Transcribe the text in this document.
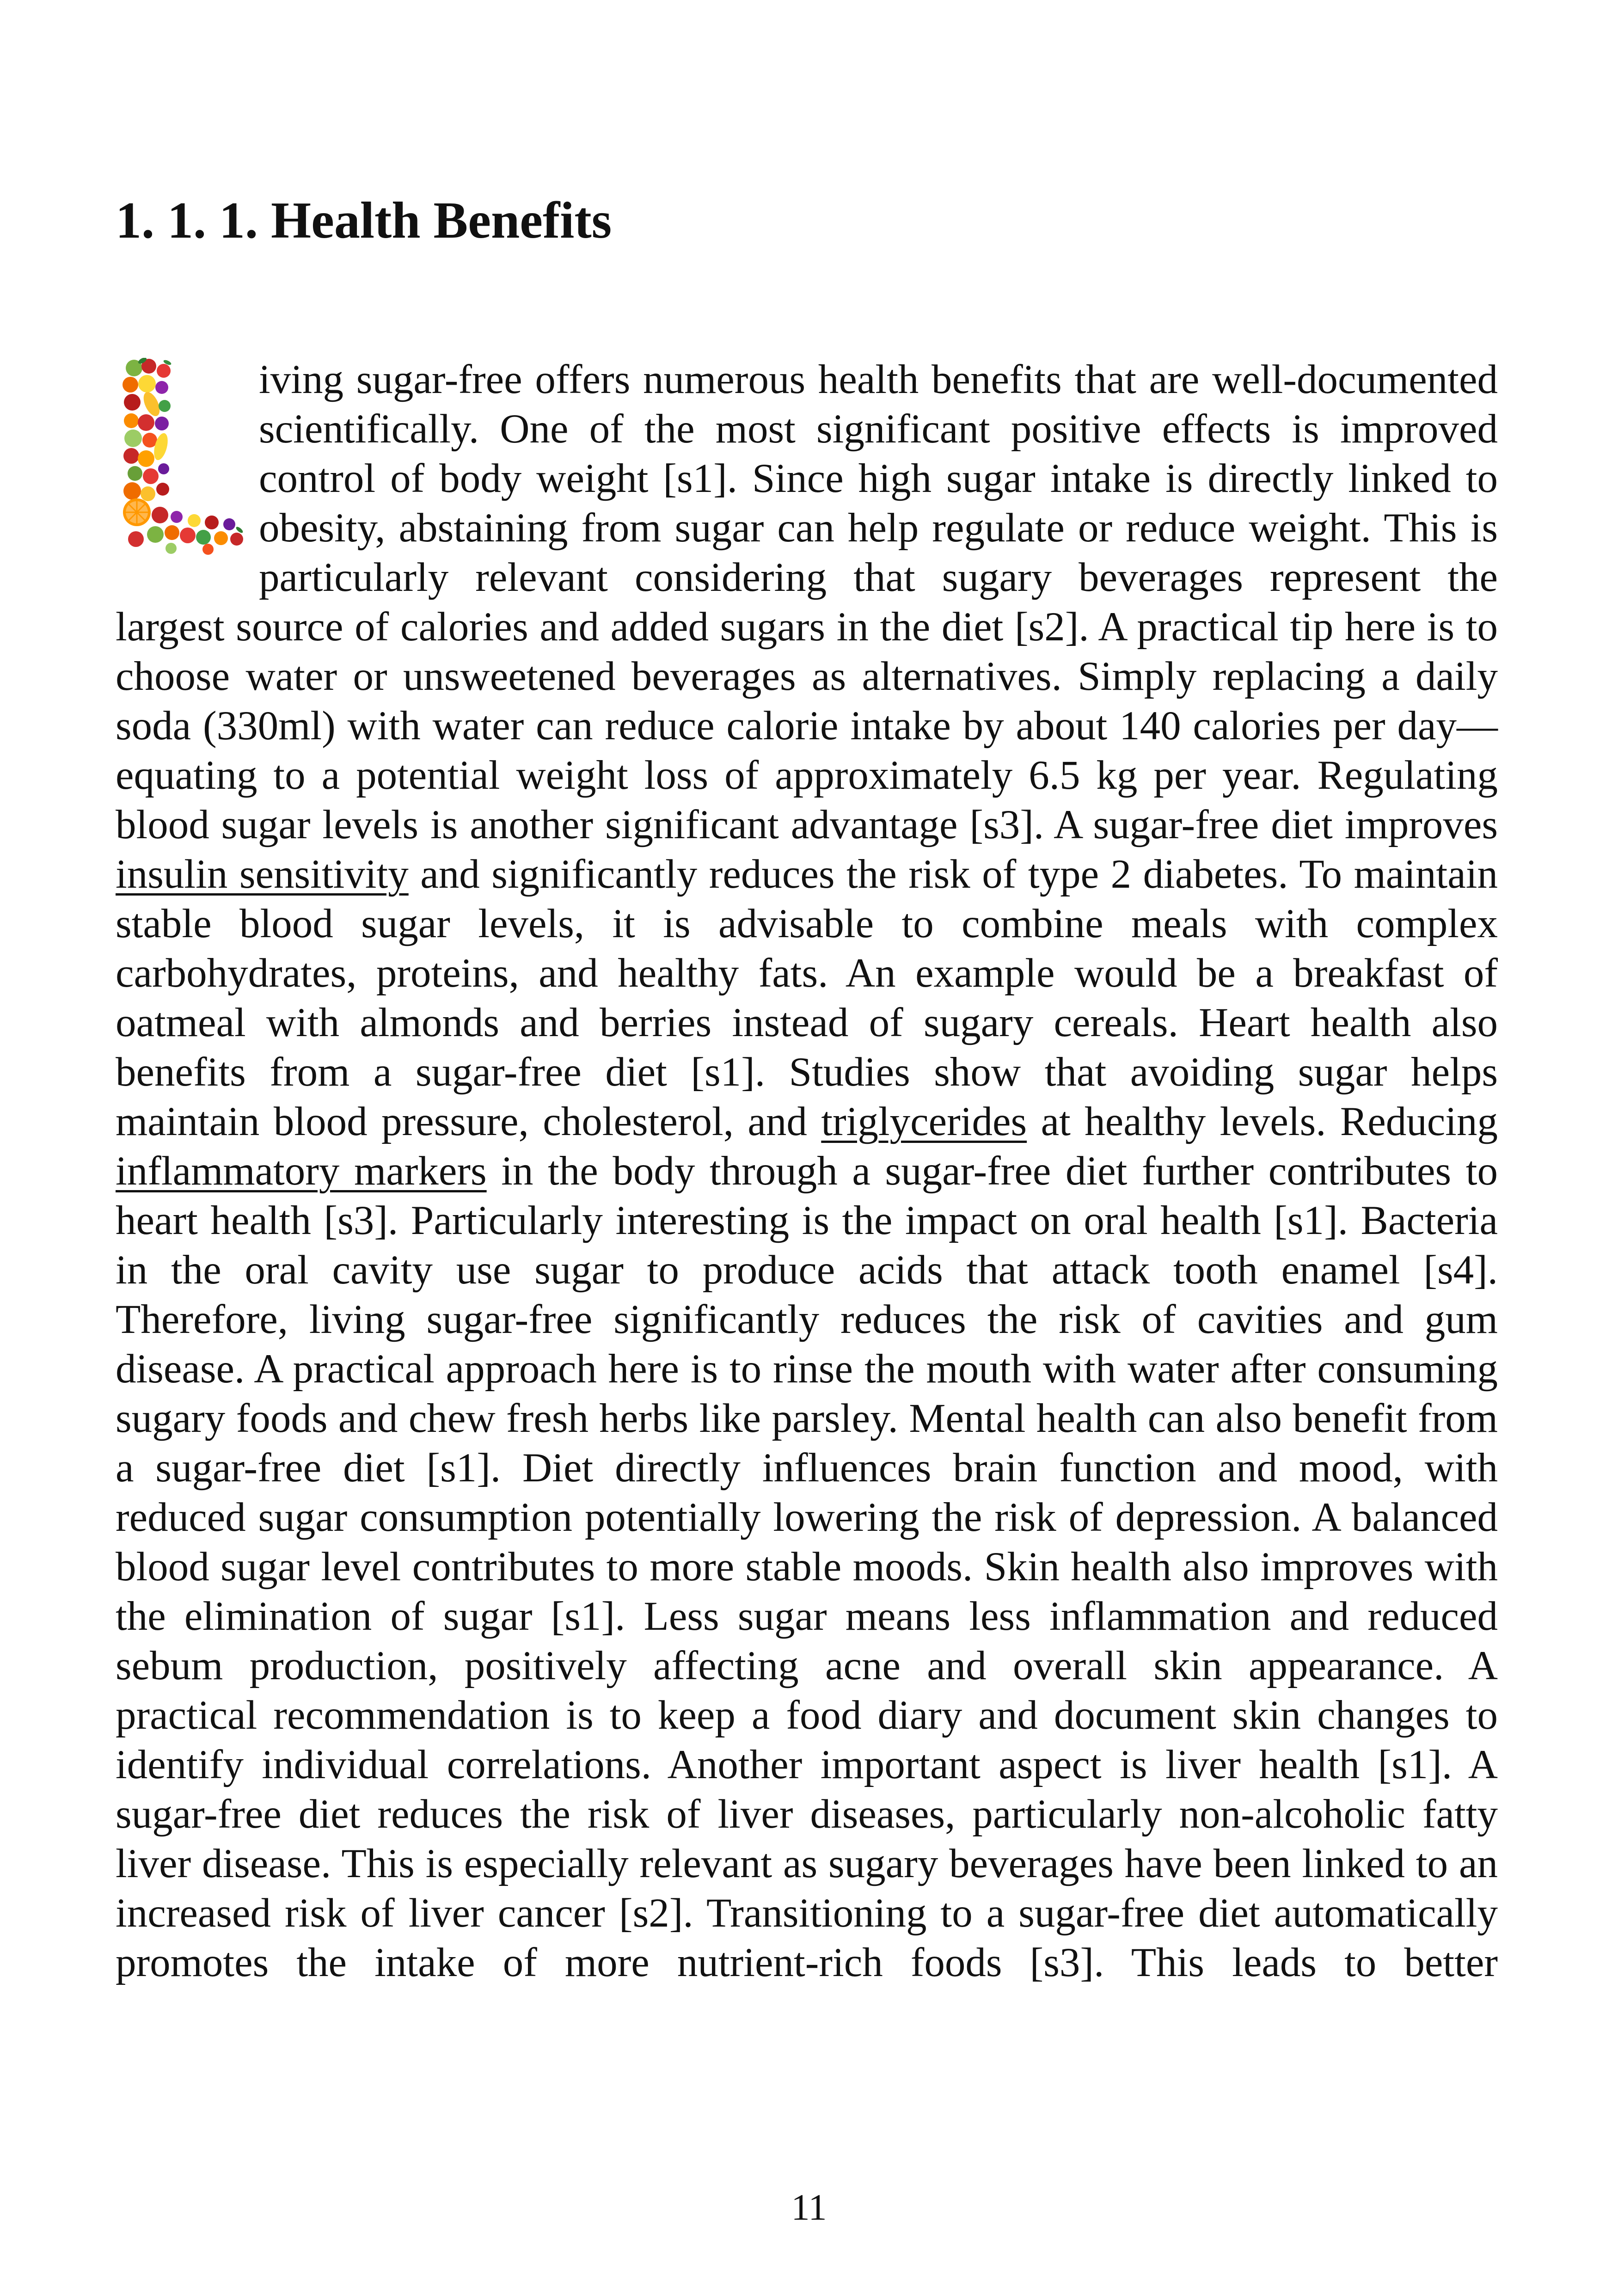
1. 1. 1. Health Benefits

iving sugar-free offers numerous health benefits that are well-documented scientifically. One of the most significant positive effects is improved control of body weight [s1]. Since high sugar intake is directly linked to obesity, abstaining from sugar can help regulate or reduce weight. This is particularly relevant considering that sugary beverages represent the largest source of calories and added sugars in the diet [s2]. A practical tip here is to choose water or unsweetened beverages as alternatives. Simply replacing a daily soda (330ml) with water can reduce calorie intake by about 140 calories per day—equating to a potential weight loss of approximately 6.5 kg per year. Regulating blood sugar levels is another significant advantage [s3]. A sugar-free diet improves insulin sensitivity and significantly reduces the risk of type 2 diabetes. To maintain stable blood sugar levels, it is advisable to combine meals with complex carbohydrates, proteins, and healthy fats. An example would be a breakfast of oatmeal with almonds and berries instead of sugary cereals. Heart health also benefits from a sugar-free diet [s1]. Studies show that avoiding sugar helps maintain blood pressure, cholesterol, and triglycerides at healthy levels. Reducing inflammatory markers in the body through a sugar-free diet further contributes to heart health [s3]. Particularly interesting is the impact on oral health [s1]. Bacteria in the oral cavity use sugar to produce acids that attack tooth enamel [s4]. Therefore, living sugar-free significantly reduces the risk of cavities and gum disease. A practical approach here is to rinse the mouth with water after consuming sugary foods and chew fresh herbs like parsley. Mental health can also benefit from a sugar-free diet [s1]. Diet directly influences brain function and mood, with reduced sugar consumption potentially lowering the risk of depression. A balanced blood sugar level contributes to more stable moods. Skin health also improves with the elimination of sugar [s1]. Less sugar means less inflammation and reduced sebum production, positively affecting acne and overall skin appearance. A practical recommendation is to keep a food diary and document skin changes to identify individual correlations. Another important aspect is liver health [s1]. A sugar-free diet reduces the risk of liver diseases, particularly non-alcoholic fatty liver disease. This is especially relevant as sugary beverages have been linked to an increased risk of liver cancer [s2]. Transitioning to a sugar-free diet automatically promotes the intake of more nutrient-rich foods [s3]. This leads to better

11
